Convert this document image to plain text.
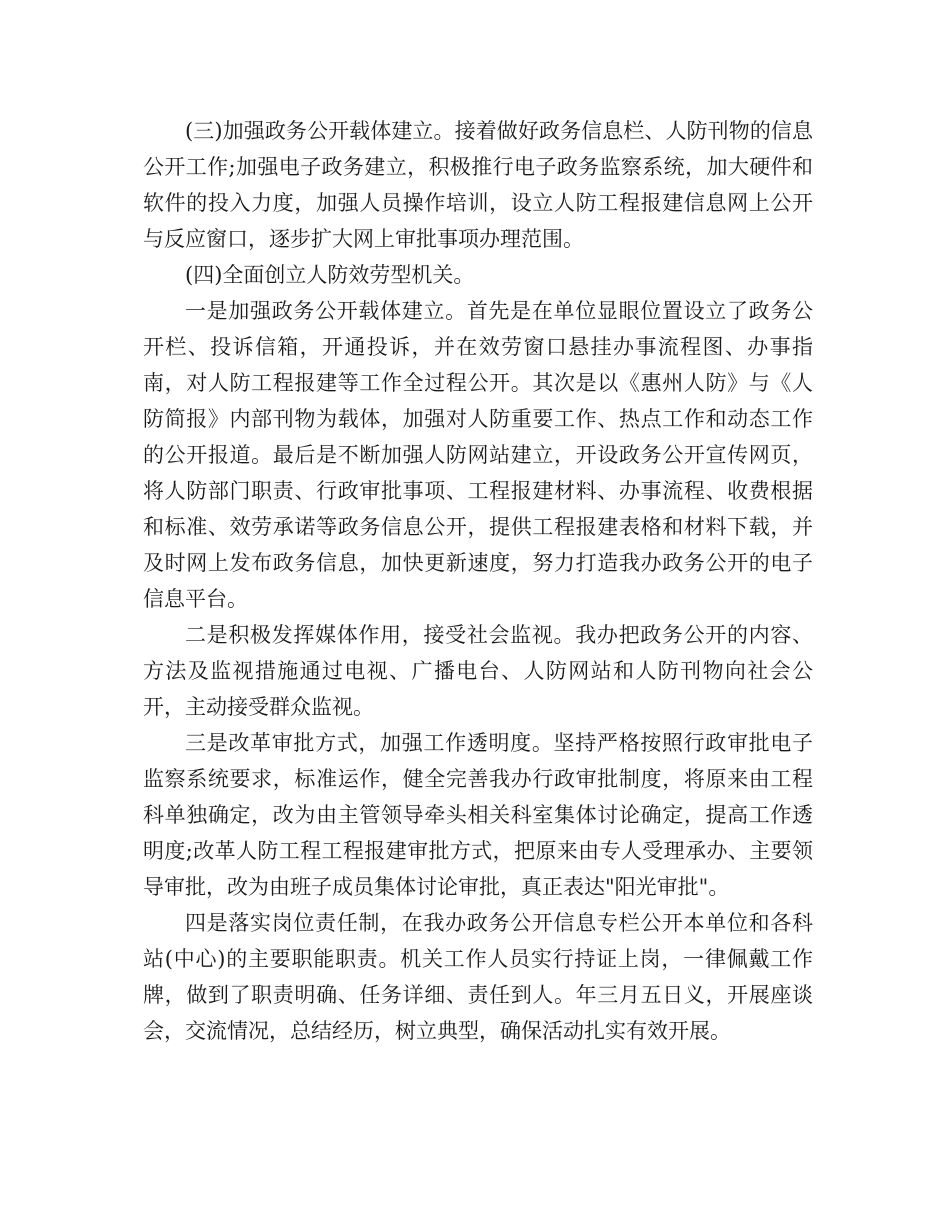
(三)加强政务公开载体建立。接着做好政务信息栏、人防刊物的信息公开工作;加强电子政务建立，积极推行电子政务监察系统，加大硬件和软件的投入力度，加强人员操作培训，设立人防工程报建信息网上公开与反应窗口，逐步扩大网上审批事项办理范围。

(四)全面创立人防效劳型机关。

一是加强政务公开载体建立。首先是在单位显眼位置设立了政务公开栏、投诉信箱，开通投诉，并在效劳窗口悬挂办事流程图、办事指南，对人防工程报建等工作全过程公开。其次是以《惠州人防》与《人防简报》内部刊物为载体，加强对人防重要工作、热点工作和动态工作的公开报道。最后是不断加强人防网站建立，开设政务公开宣传网页，将人防部门职责、行政审批事项、工程报建材料、办事流程、收费根据和标准、效劳承诺等政务信息公开，提供工程报建表格和材料下载，并及时网上发布政务信息，加快更新速度，努力打造我办政务公开的电子信息平台。

二是积极发挥媒体作用，接受社会监视。我办把政务公开的内容、方法及监视措施通过电视、广播电台、人防网站和人防刊物向社会公开，主动接受群众监视。

三是改革审批方式，加强工作透明度。坚持严格按照行政审批电子监察系统要求，标准运作，健全完善我办行政审批制度，将原来由工程科单独确定，改为由主管领导牵头相关科室集体讨论确定，提高工作透明度;改革人防工程工程报建审批方式，把原来由专人受理承办、主要领导审批，改为由班子成员集体讨论审批，真正表达"阳光审批"。

四是落实岗位责任制，在我办政务公开信息专栏公开本单位和各科站(中心)的主要职能职责。机关工作人员实行持证上岗，一律佩戴工作牌，做到了职责明确、任务详细、责任到人。年三月五日义，开展座谈会，交流情况，总结经历，树立典型，确保活动扎实有效开展。
